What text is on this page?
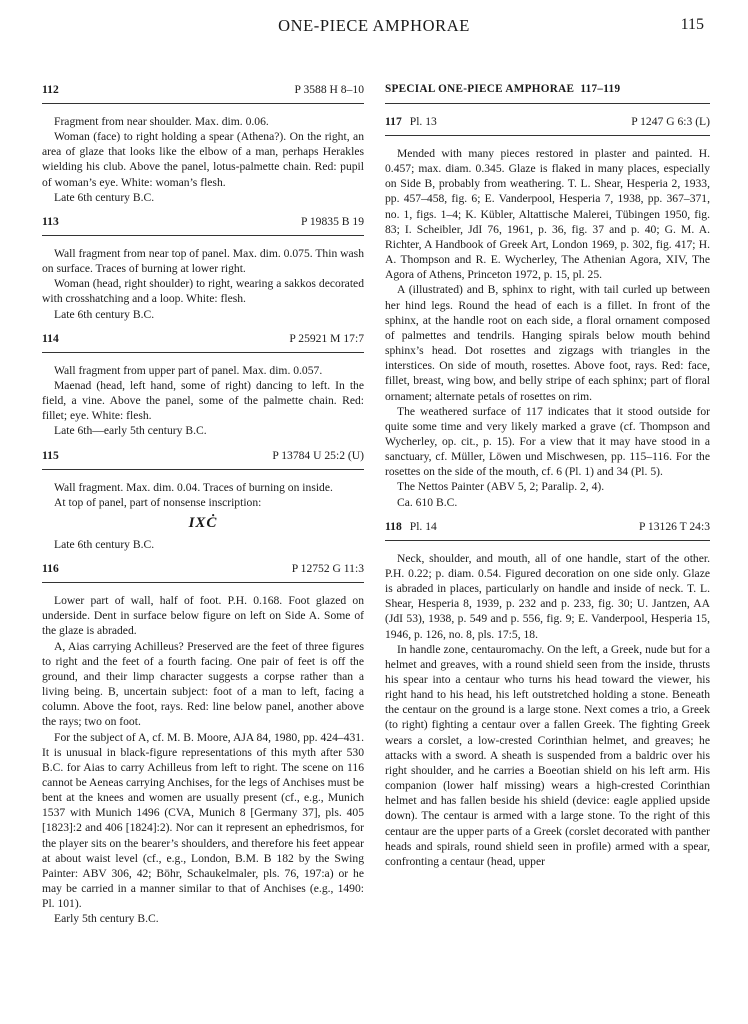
ONE-PIECE AMPHORAE	115
112	P 3588 H 8–10

Fragment from near shoulder. Max. dim. 0.06.

Woman (face) to right holding a spear (Athena?). On the right, an area of glaze that looks like the elbow of a man, perhaps Herakles wielding his club. Above the panel, lotus-palmette chain. Red: pupil of woman’s eye. White: woman’s flesh.

Late 6th century B.C.

113	P 19835 B 19

Wall fragment from near top of panel. Max. dim. 0.075. Thin wash on surface. Traces of burning at lower right.

Woman (head, right shoulder) to right, wearing a sakkos decorated with crosshatching and a loop. White: flesh.

Late 6th century B.C.

114	P 25921 M 17:7

Wall fragment from upper part of panel. Max. dim. 0.057.

Maenad (head, left hand, some of right) dancing to left. In the field, a vine. Above the panel, some of the palmette chain. Red: fillet; eye. White: flesh.

Late 6th—early 5th century B.C.

115	P 13784 U 25:2 (U)

Wall fragment. Max. dim. 0.04. Traces of burning on inside.

At top of panel, part of nonsense inscription:

IXĊ

Late 6th century B.C.

116	P 12752 G 11:3

Lower part of wall, half of foot. P.H. 0.168. Foot glazed on underside. Dent in surface below figure on left on Side A. Some of the glaze is abraded.

A, Aias carrying Achilleus? Preserved are the feet of three figures to right and the feet of a fourth facing. One pair of feet is off the ground, and their limp character suggests a corpse rather than a living being. B, uncertain subject: foot of a man to left, facing a column. Above the foot, rays. Red: line below panel, another above the rays; two on foot.

For the subject of A, cf. M. B. Moore, AJA 84, 1980, pp. 424–431. It is unusual in black-figure representations of this myth after 530 B.C. for Aias to carry Achilleus from left to right. The scene on 116 cannot be Aeneas carrying Anchises, for the legs of Anchises must be bent at the knees and women are usually present (cf., e.g., Munich 1537 with Munich 1496 (CVA, Munich 8 [Germany 37], pls. 405 [1823]:2 and 406 [1824]:2). Nor can it represent an ephedrismos, for the player sits on the bearer’s shoulders, and therefore his feet appear at about waist level (cf., e.g., London, B.M. B 182 by the Swing Painter: ABV 306, 42; Böhr, Schaukelmaler, pls. 76, 197:a) or he may be carried in a manner similar to that of Anchises (e.g., 1490: Pl. 101).

Early 5th century B.C.

SPECIAL ONE-PIECE AMPHORAE 117–119
117 Pl. 13	P 1247 G 6:3 (L)

Mended with many pieces restored in plaster and painted. H. 0.457; max. diam. 0.345. Glaze is flaked in many places, especially on Side B, probably from weathering. T. L. Shear, Hesperia 2, 1933, pp. 457–458, fig. 6; E. Vanderpool, Hesperia 7, 1938, pp. 367–371, no. 1, figs. 1–4; K. Kübler, Altattische Malerei, Tübingen 1950, fig. 83; I. Scheibler, JdI 76, 1961, p. 36, fig. 37 and p. 40; G. M. A. Richter, A Handbook of Greek Art, London 1969, p. 302, fig. 417; H. A. Thompson and R. E. Wycherley, The Athenian Agora, XIV, The Agora of Athens, Princeton 1972, p. 15, pl. 25.

A (illustrated) and B, sphinx to right, with tail curled up between her hind legs. Round the head of each is a fillet. In front of the sphinx, at the handle root on each side, a floral ornament composed of palmettes and tendrils. Hanging spirals below mouth behind sphinx’s head. Dot rosettes and zigzags with triangles in the interstices. On side of mouth, rosettes. Above foot, rays. Red: face, fillet, breast, wing bow, and belly stripe of each sphinx; part of floral ornament; alternate petals of rosettes on rim.

The weathered surface of 117 indicates that it stood outside for quite some time and very likely marked a grave (cf. Thompson and Wycherley, op. cit., p. 15). For a view that it may have stood in a sanctuary, cf. Müller, Löwen und Mischwesen, pp. 115–116. For the rosettes on the side of the mouth, cf. 6 (Pl. 1) and 34 (Pl. 5).

The Nettos Painter (ABV 5, 2; Paralip. 2, 4).

Ca. 610 B.C.

118 Pl. 14	P 13126 T 24:3

Neck, shoulder, and mouth, all of one handle, start of the other. P.H. 0.22; p. diam. 0.54. Figured decoration on one side only. Glaze is abraded in places, particularly on handle and inside of neck. T. L. Shear, Hesperia 8, 1939, p. 232 and p. 233, fig. 30; U. Jantzen, AA (JdI 53), 1938, p. 549 and p. 556, fig. 9; E. Vanderpool, Hesperia 15, 1946, p. 126, no. 8, pls. 17:5, 18.

In handle zone, centauromachy. On the left, a Greek, nude but for a helmet and greaves, with a round shield seen from the inside, thrusts his spear into a centaur who turns his head toward the viewer, his right hand to his head, his left outstretched holding a stone. Beneath the centaur on the ground is a large stone. Next comes a trio, a Greek (to right) fighting a centaur over a fallen Greek. The fighting Greek wears a corslet, a low-crested Corinthian helmet, and greaves; he attacks with a sword. A sheath is suspended from a baldric over his right shoulder, and he carries a Boeotian shield on his left arm. His companion (lower half missing) wears a high-crested Corinthian helmet and has fallen beside his shield (device: eagle applied upside down). The centaur is armed with a large stone. To the right of this centaur are the upper parts of a Greek (corslet decorated with panther heads and spirals, round shield seen in profile) armed with a spear, confronting a centaur (head, upper
